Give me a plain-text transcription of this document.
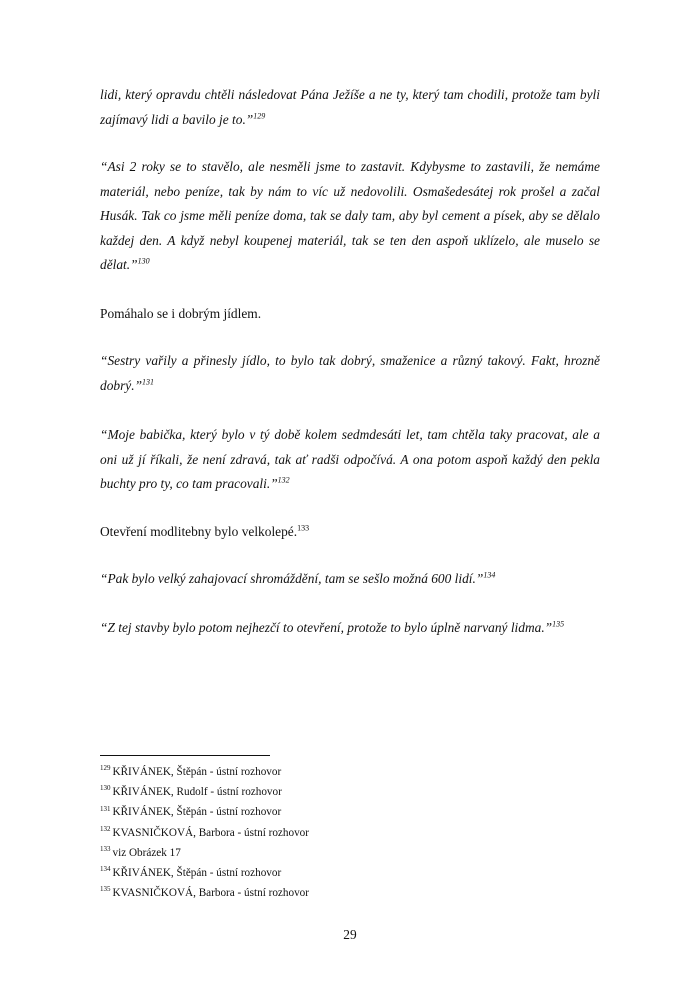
lidi, který opravdu chtěli následovat Pána Ježíše a ne ty, který tam chodili, protože tam byli zajímavý lidi a bavilo je to.”$^{129}$

“Asi 2 roky se to stavělo, ale nesměli jsme to zastavit. Kdybysme to zastavili, že nemáme materiál, nebo peníze, tak by nám to víc už nedovolili. Osmašedesátej rok prošel a začal Husák. Tak co jsme měli peníze doma, tak se daly tam, aby byl cement a písek, aby se dělalo každej den. A když nebyl koupenej materiál, tak se ten den aspoň uklízelo, ale muselo se dělat.”$^{130}$

Pomáhalo se i dobrým jídlem.

“Sestry vařily a přinesly jídlo, to bylo tak dobrý, smaženice a různý takový. Fakt, hrozně dobrý.”$^{131}$

“Moje babička, který bylo v tý době kolem sedmdesáti let, tam chtěla taky pracovat, ale a oni už jí říkali, že není zdravá, tak ať radši odpočívá. A ona potom aspoň každý den pekla buchty pro ty, co tam pracovali.”$^{132}$

Otevření modlitebny bylo velkolepé.$^{133}$

“Pak bylo velký zahajovací shromáždění, tam se sešlo možná 600 lidí.”$^{134}$

“Z tej stavby bylo potom nejhezčí to otevření, protože to bylo úplně narvaný lidma.”$^{135}$

$^{129}$ KŘIVÁNEK, Štěpán - ústní rozhovor
$^{130}$ KŘIVÁNEK, Rudolf - ústní rozhovor
$^{131}$ KŘIVÁNEK, Štěpán - ústní rozhovor
$^{132}$ KVASNIČKOVÁ, Barbora - ústní rozhovor
$^{133}$ viz Obrázek 17
$^{134}$ KŘIVÁNEK, Štěpán - ústní rozhovor
$^{135}$ KVASNIČKOVÁ, Barbora - ústní rozhovor
29
